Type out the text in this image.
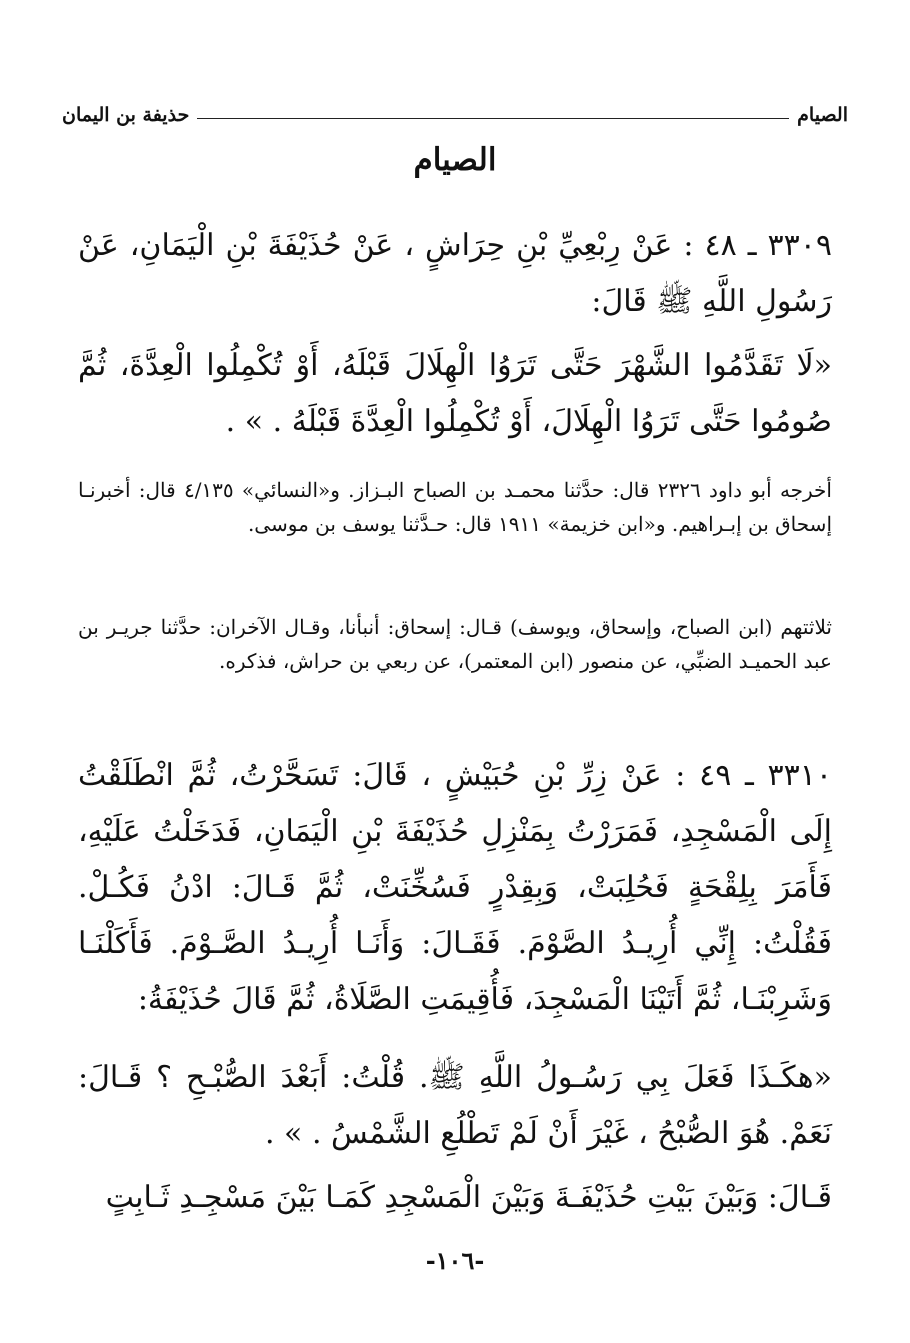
الصيام
حذيفة بن اليمان
الصيام
٣٣٠٩ ـ ٤٨ : عَنْ رِبْعِيِّ بْنِ حِرَاشٍ ، عَنْ حُذَيْفَةَ بْنِ الْيَمَانِ، عَنْ رَسُولِ اللَّهِ ﷺ قَالَ:
«لَا تَقَدَّمُوا الشَّهْرَ حَتَّى تَرَوُا الْهِلَالَ قَبْلَهُ، أَوْ تُكْمِلُوا الْعِدَّةَ، ثُمَّ صُومُوا حَتَّى تَرَوُا الْهِلَالَ، أَوْ تُكْمِلُوا الْعِدَّةَ قَبْلَهُ . » .
أخرجه أبو داود ٢٣٢٦ قال: حدَّثنا محمـد بن الصباح البـزاز. و«النسائي» ٤/١٣٥ قال: أخبرنـا إسحاق بن إبـراهيم. و«ابن خزيمة» ١٩١١ قال: حـدَّثنا يوسف بن موسى.
ثلاثتهم (ابن الصباح، وإسحاق، ويوسف) قـال: إسحاق: أنبأنا، وقـال الآخران: حدَّثنا جريـر بن عبد الحميـد الضبِّي، عن منصور (ابن المعتمر)، عن ربعي بن حراش، فذكره.
٣٣١٠ ـ ٤٩ : عَنْ زِرِّ بْنِ حُبَيْشٍ ، قَالَ: تَسَحَّرْتُ، ثُمَّ انْطَلَقْتُ إِلَى الْمَسْجِدِ، فَمَرَرْتُ بِمَنْزِلِ حُذَيْفَةَ بْنِ الْيَمَانِ، فَدَخَلْتُ عَلَيْهِ، فَأَمَرَ بِلِقْحَةٍ فَحُلِبَتْ، وَبِقِدْرٍ فَسُخِّنَتْ، ثُمَّ قَـالَ: ادْنُ فَكُـلْ. فَقُلْتُ: إِنِّي أُرِيـدُ الصَّوْمَ. فَقَـالَ: وَأَنَـا أُرِيـدُ الصَّـوْمَ. فَأَكَلْنَـا وَشَرِبْنَـا، ثُمَّ أَتَيْنَا الْمَسْجِدَ، فَأُقِيمَتِ الصَّلَاةُ، ثُمَّ قَالَ حُذَيْفَةُ:
«هكَـذَا فَعَلَ بِي رَسُـولُ اللَّهِ ﷺ. قُلْتُ: أَبَعْدَ الصُّبْـحِ ؟ قَـالَ: نَعَمْ. هُوَ الصُّبْحُ ، غَيْرَ أَنْ لَمْ تَطْلُعِ الشَّمْسُ . » .
قَـالَ: وَبَيْنَ بَيْتِ حُذَيْفَـةَ وَبَيْنَ الْمَسْجِدِ كَمَـا بَيْنَ مَسْجِـدِ ثَـابِتٍ
-١٠٦-
